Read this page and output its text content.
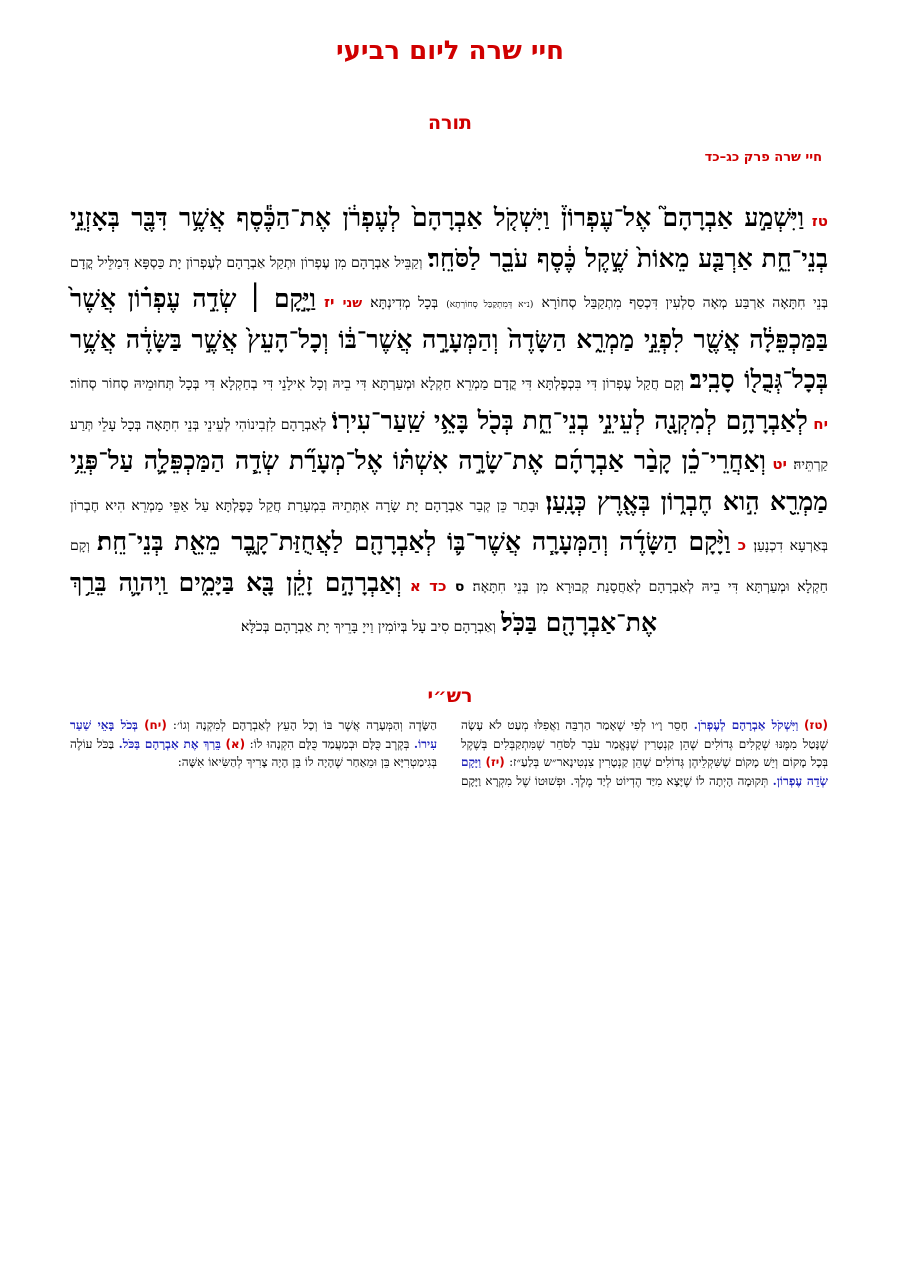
חיי שרה ליום רביעי
תורה
חיי שרה פרק כג–כד
טז וַיִּשְׁמַ֣ע אַבְרָהָם֮ אֶל־עֶפְרוֹן֒ וַיִּשְׁקֹ֤ל אַבְרָהָם֙ לְעֶפְרֹ֔ן אֶת־הַכֶּ֕סֶף אֲשֶׁ֥ר דִּבֶּ֖ר בְּאָזְנֵ֣י בְנֵי־חֵ֑ת אַרְבַּ֤ע מֵאוֹת֙ שֶׁ֣קֶל כֶּ֔סֶף עֹבֵ֖ר לַסֹּחֵֽר׃ וְקַבֵּיל אַבְרָהָם מִן עֶפְרוֹן וּתְקַל אַבְרָהָם לְעֶפְרוֹן יָת כַּסְפָּא דִּמַלֵּיל קֳדָם בְּנֵי חִתָּאָה אַרְבַּע מְאָה סִלְעִין דִּכְסַף מִתְקַבַּל סְחוֹרָא (נ״א דְּמִתְקַבַּל סְחוֹרְתָא) בְּכָל מְדִינְתָּא׃ שני יז וַיָּ֣קָם ׀ שְׂדֵ֣ה עֶפְר֗וֹן אֲשֶׁר֙ בַּמַּכְפֵּלָ֔ה אֲשֶׁ֖ר לִפְנֵ֣י מַמְרֵ֑א הַשָּׂדֶה֙ וְהַמְּעָרָ֣ה אֲשֶׁר־בּ֔וֹ וְכָל־הָעֵץ֙ אֲשֶׁ֣ר בַּשָּׂדֶ֔ה אֲשֶׁ֥ר בְּכָל־גְּבֻל֖וֹ סָבִֽיב׃ וְקָם חֲקַל עֶפְרוֹן דִּי בִּכְפֶלְתָּא דִּי קֳדָם מַמְרֵא חַקְלָא וּמְעַרְתָּא דִּי בֵיהּ וְכָל אִילָנֵי דִּי בְחַקְלָא דִּי בְּכָל תְּחוּמֵיהּ סְחוֹר סְחוֹר׃ יח לְאַבְרָהָ֥ם לְמִקְנָ֖ה לְעֵינֵ֣י בְנֵי־חֵ֑ת בְּכֹ֖ל בָּאֵ֥י שַֽׁעַר־עִירֽוֹ׃ לְאַבְרָהָם לִזְבִינוֹהִי לְעֵינֵי בְּנֵי חִתָּאָה בְּכָל עָלֵי תְּרַע קַרְתֵּיהּ׃ יט וְאַחֲרֵי־כֵ֗ן קָבַ֨ר אַבְרָהָ֜ם אֶת־שָׂרָ֣ה אִשְׁתּ֗וֹ אֶל־מְעָרַ֞ת שְׂדֵ֧ה הַמַּכְפֵּלָ֛ה עַל־פְּנֵ֥י מַמְרֵ֖א הִ֣וא חֶבְר֑וֹן בְּאֶ֖רֶץ כְּנָֽעַן׃ וּבָתַר כֵּן קְבַר אַבְרָהָם יָת שָׂרָה אִתְּתֵיהּ בִּמְעָרַת חֲקַל כָּפֶלְתָּא עַל אַפֵּי מַמְרֵא הִיא חֶבְרוֹן בְּאַרְעָא דִכְנָעַן׃ כ וַיָּ֨קָם הַשָּׂדֶ֜ה וְהַמְּעָרָ֧ה אֲשֶׁר־בּ֛וֹ לְאַבְרָהָ֖ם לַאֲחֻזַּת־קָ֑בֶר מֵאֵ֖ת בְּנֵי־חֵֽת׃ וְקָם חַקְלָא וּמְעַרְתָּא דִּי בֵיהּ לְאַבְרָהָם לְאַחֲסָנַת קְבוּרָא מִן בְּנֵי חִתָּאָה׃ ס כד א וְאַבְרָהָ֣ם זָקֵ֔ן בָּ֖א בַּיָּמִ֑ים וַֽיהוָ֛ה בֵּרַ֥ךְ אֶת־אַבְרָהָ֖ם בַּכֹּֽל׃ וְאַבְרָהָם סִיב עָל בְּיוֹמִין וַייָ בָּרֵיךְ יָת אַבְרָהָם בְּכֹלָּא׃
רש״י
(טז) וַיִּשְׁקֹל אַבְרָהָם לְעֶפְרֹן. חָסֵר וָ״ו לְפִי שֶׁאָמַר הַרְבֵּה וַאֲפִלּוּ מְעַט לֹא עָשָׂה שֶׁנָּטַל מִמֶּנּוּ שְׁקָלִים גְּדוֹלִים שֶׁהֵן קַנְטָרִין שֶׁנֶּאֱמַר עֹבֵר לַסֹּחֵר שֶׁמִּתְקַבְּלִים בְּשֶׁקֶל בְּכָל מָקוֹם וְיֵשׁ מָקוֹם שֶׁשִּׁקְלֵיהֶן גְּדוֹלִים שֶׁהֵן קַנְטָרִין צִנְטִינָאר״ש בְּלַעַ״ז: (יז) וַיָּקָם שְׂדֵה עֶפְרוֹן. תְּקוּמָה הָיְתָה לוֹ שֶׁיָּצָא מִיַּד הֶדְיוֹט לְיַד מֶלֶךְ. וּפְשׁוּטוֹ שֶׁל מִקְרָא וַיָּקָם הַשָּׂדֶה וְהַמְּעָרָה אֲשֶׁר בּוֹ וְכָל הָעֵץ לְאַבְרָהָם לְמִקְנָה וְגוֹ׳: (יח) בְּכֹל בָּאֵי שַׁעַר עִירוֹ. בְּקֶרֶב כֻּלָּם וּבְמַעֲמַד כֻּלָּם הִקְנָהוּ לוֹ: (א) בֵּרַךְ אֶת אַבְרָהָם בַּכֹּל. בַּכֹּל עוֹלֶה בְּגִימַטְרִיָּא בֵּן וּמֵאַחַר שֶׁהָיָה לוֹ בֵּן הָיָה צָרִיךְ לְהַשִּׂיאוֹ אִשָּׁה:
